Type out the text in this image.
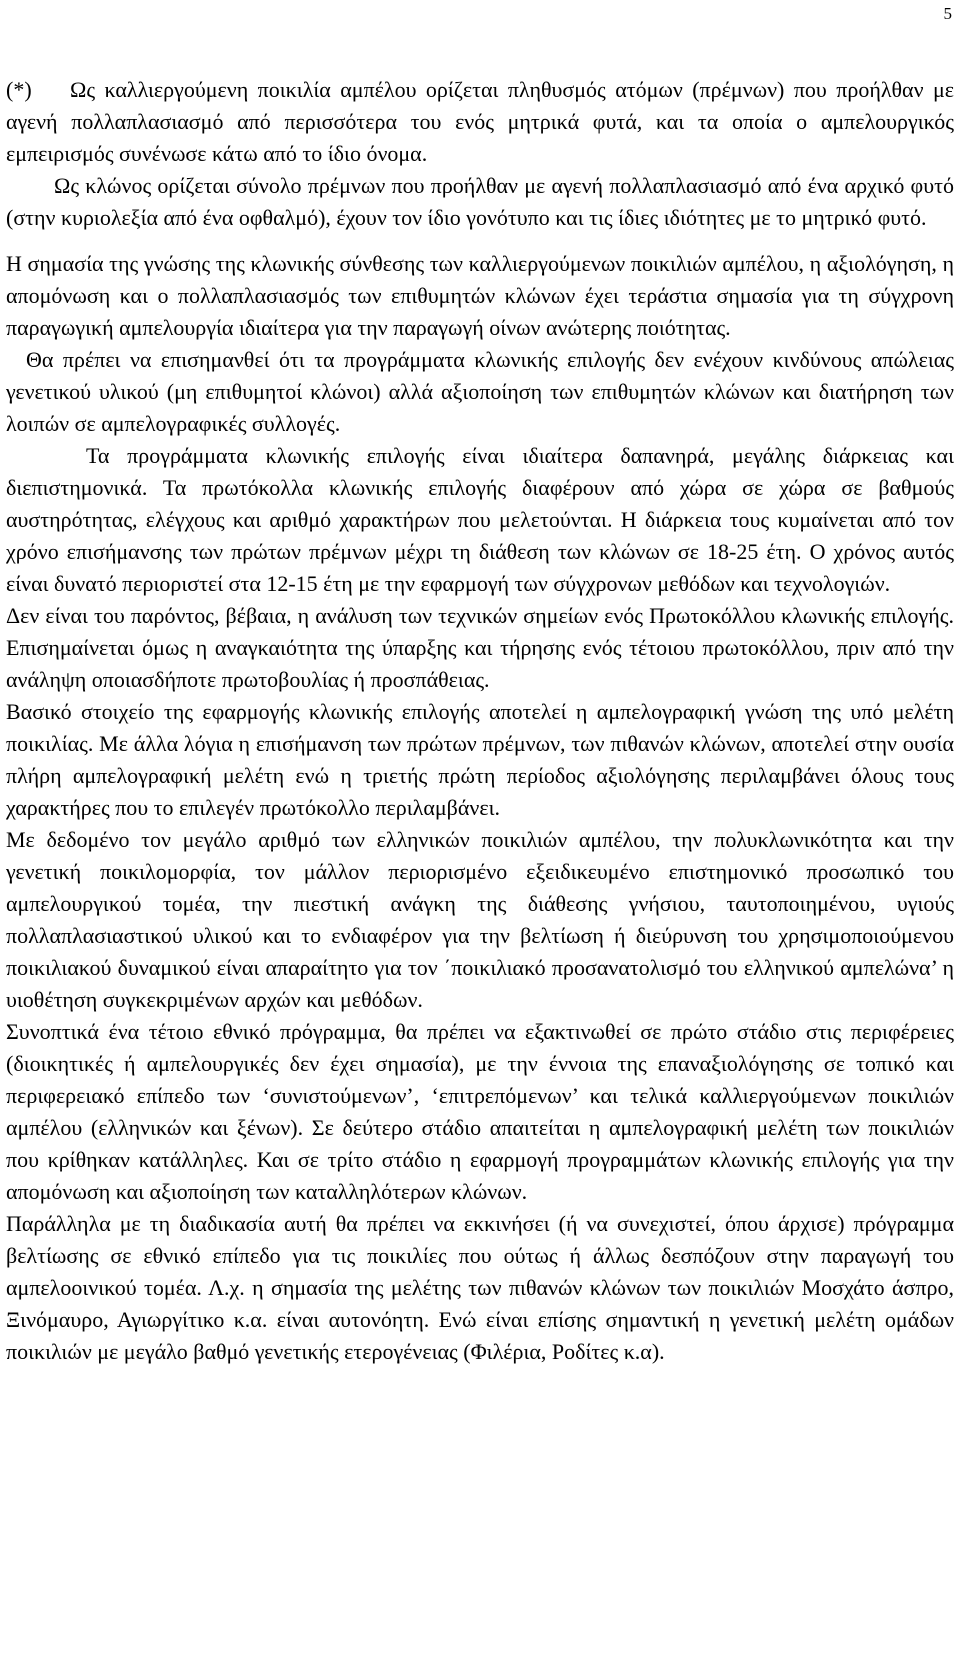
5

(*) Ως καλλιεργούμενη ποικιλία αμπέλου ορίζεται πληθυσμός ατόμων (πρέμνων) που προήλθαν με αγενή πολλαπλασιασμό από περισσότερα του ενός μητρικά φυτά, και τα οποία ο αμπελουργικός εμπειρισμός συνένωσε κάτω από το ίδιο όνομα.

Ως κλώνος ορίζεται σύνολο πρέμνων που προήλθαν με αγενή πολλαπλασιασμό από ένα αρχικό φυτό (στην κυριολεξία από ένα οφθαλμό), έχουν τον ίδιο γονότυπο και τις ίδιες ιδιότητες με το μητρικό φυτό.

Η σημασία της γνώσης της κλωνικής σύνθεσης των καλλιεργούμενων ποικιλιών αμπέλου, η αξιολόγηση, η απομόνωση και ο πολλαπλασιασμός των επιθυμητών κλώνων έχει τεράστια σημασία για τη σύγχρονη παραγωγική αμπελουργία ιδιαίτερα για την παραγωγή οίνων ανώτερης ποιότητας.

Θα πρέπει να επισημανθεί ότι τα προγράμματα κλωνικής επιλογής δεν ενέχουν κινδύνους απώλειας γενετικού υλικού (μη επιθυμητοί κλώνοι) αλλά αξιοποίηση των επιθυμητών κλώνων και διατήρηση των λοιπών σε αμπελογραφικές συλλογές.

Τα προγράμματα κλωνικής επιλογής είναι ιδιαίτερα δαπανηρά, μεγάλης διάρκειας και διεπιστημονικά. Τα πρωτόκολλα κλωνικής επιλογής διαφέρουν από χώρα σε χώρα σε βαθμούς αυστηρότητας, ελέγχους και αριθμό χαρακτήρων που μελετούνται. Η διάρκεια τους κυμαίνεται από τον χρόνο επισήμανσης των πρώτων πρέμνων μέχρι τη διάθεση των κλώνων σε 18-25 έτη. Ο χρόνος αυτός είναι δυνατό περιοριστεί στα 12-15 έτη με την εφαρμογή των σύγχρονων μεθόδων και τεχνολογιών.

Δεν είναι του παρόντος, βέβαια, η ανάλυση των τεχνικών σημείων ενός Πρωτοκόλλου κλωνικής επιλογής. Επισημαίνεται όμως η αναγκαιότητα της ύπαρξης και τήρησης ενός τέτοιου πρωτοκόλλου, πριν από την ανάληψη οποιασδήποτε πρωτοβουλίας ή προσπάθειας.

Βασικό στοιχείο της εφαρμογής κλωνικής επιλογής αποτελεί η αμπελογραφική γνώση της υπό μελέτη ποικιλίας. Με άλλα λόγια η επισήμανση των πρώτων πρέμνων, των πιθανών κλώνων, αποτελεί στην ουσία πλήρη αμπελογραφική μελέτη ενώ η τριετής πρώτη περίοδος αξιολόγησης περιλαμβάνει όλους τους χαρακτήρες που το επιλεγέν πρωτόκολλο περιλαμβάνει.

Με δεδομένο τον μεγάλο αριθμό των ελληνικών ποικιλιών αμπέλου, την πολυκλωνικότητα και την γενετική ποικιλομορφία, τον μάλλον περιορισμένο εξειδικευμένο επιστημονικό προσωπικό του αμπελουργικού τομέα, την πιεστική ανάγκη της διάθεσης γνήσιου, ταυτοποιημένου, υγιούς πολλαπλασιαστικού υλικού και το ενδιαφέρον για την βελτίωση ή διεύρυνση του χρησιμοποιούμενου ποικιλιακού δυναμικού είναι απαραίτητο για τον ΄ποικιλιακό προσανατολισμό του ελληνικού αμπελώνα’ η υιοθέτηση συγκεκριμένων αρχών και μεθόδων.

Συνοπτικά ένα τέτοιο εθνικό πρόγραμμα, θα πρέπει να εξακτινωθεί σε πρώτο στάδιο στις περιφέρειες (διοικητικές ή αμπελουργικές δεν έχει σημασία), με την έννοια της επαναξιολόγησης σε τοπικό και περιφερειακό επίπεδο των ‘συνιστούμενων’, ‘επιτρεπόμενων’ και τελικά καλλιεργούμενων ποικιλιών αμπέλου (ελληνικών και ξένων). Σε δεύτερο στάδιο απαιτείται η αμπελογραφική μελέτη των ποικιλιών που κρίθηκαν κατάλληλες. Και σε τρίτο στάδιο η εφαρμογή προγραμμάτων κλωνικής επιλογής για την απομόνωση και αξιοποίηση των καταλληλότερων κλώνων.

Παράλληλα με τη διαδικασία αυτή θα πρέπει να εκκινήσει (ή να συνεχιστεί, όπου άρχισε) πρόγραμμα βελτίωσης σε εθνικό επίπεδο για τις ποικιλίες που ούτως ή άλλως δεσπόζουν στην παραγωγή του αμπελοοινικού τομέα. Λ.χ. η σημασία της μελέτης των πιθανών κλώνων των ποικιλιών Μοσχάτο άσπρο, Ξινόμαυρο, Αγιωργίτικο κ.α. είναι αυτονόητη. Ενώ είναι επίσης σημαντική η γενετική μελέτη ομάδων ποικιλιών με μεγάλο βαθμό γενετικής ετερογένειας (Φιλέρια, Ροδίτες κ.α).
